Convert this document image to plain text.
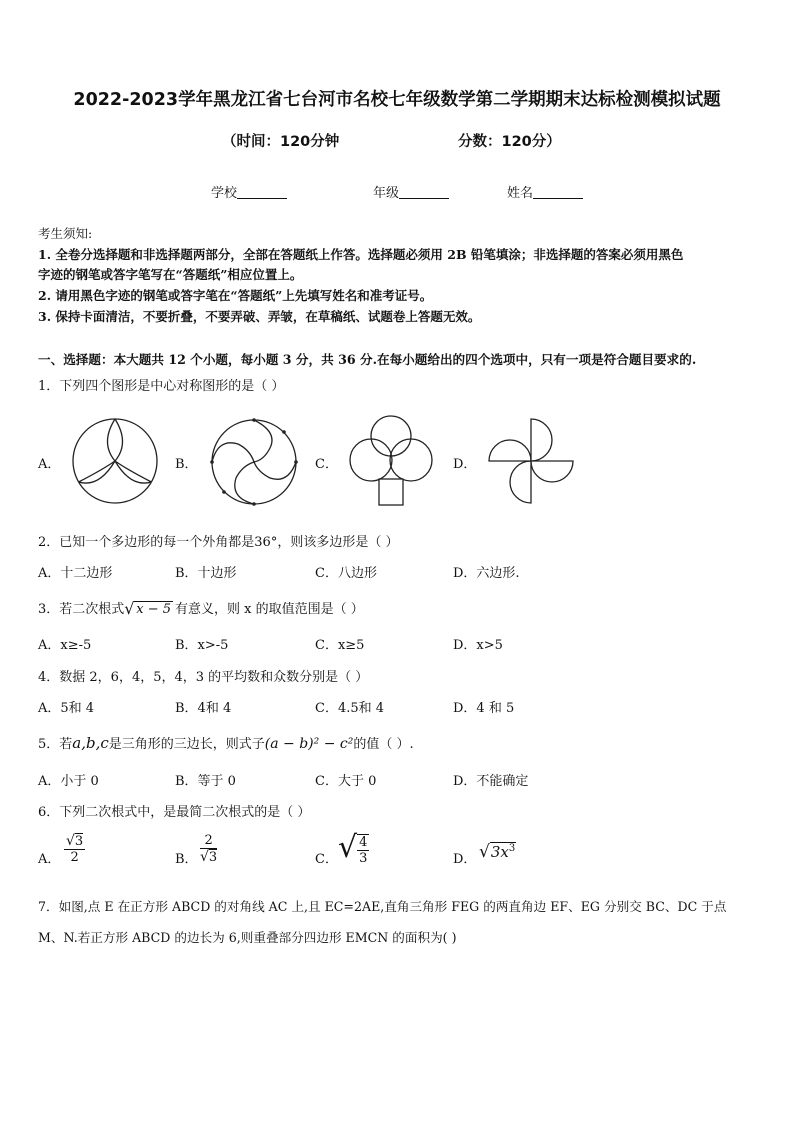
2022-2023学年黑龙江省七台河市名校七年级数学第二学期期末达标检测模拟试题
（时间：120分钟	分数：120分）
学校	年级	姓名
考生须知:
1. 全卷分选择题和非选择题两部分，全部在答题纸上作答。选择题必须用 2B 铅笔填涂；非选择题的答案必须用黑色
字迹的钢笔或答字笔写在“答题纸”相应位置上。
2. 请用黑色字迹的钢笔或答字笔在“答题纸”上先填写姓名和准考证号。
3. 保持卡面清洁，不要折叠，不要弄破、弄皱，在草稿纸、试题卷上答题无效。
一、选择题：本大题共 12 个小题，每小题 3 分，共 36 分.在每小题给出的四个选项中，只有一项是符合题目要求的.
1．下列四个图形是中心对称图形的是（ ）
A．	B．	C．	D．
2．已知一个多边形的每一个外角都是36°，则该多边形是（ ）
A．十二边形	B．十边形	C．八边形	D．六边形.
3．若二次根式 √ x − 5 有意义，则 x 的取值范围是（ ）
A．x≥-5	B．x>-5	C．x≥5	D．x>5
4．数据 2，6，4，5，4，3 的平均数和众数分别是（ ）
A．5和 4	B．4和 4	C．4.5和 4	D．4 和 5
5．若a,b,c是三角形的三边长，则式子(a − b)² − c²的值（ ）.
A．小于 0	B．等于 0	C．大于 0	D．不能确定
6．下列二次根式中，是最简二次根式的是（ ）
A． $\frac{√3}{2}$	B． $\frac{2}{√3}$	C． √ $\frac{4}{3}$	D． $√3x^3$
7．如图,点 E 在正方形 ABCD 的对角线 AC 上,且 EC=2AE,直角三角形 FEG 的两直角边 EF、EG 分别交 BC、DC 于点
M、N.若正方形 ABCD 的边长为 6,则重叠部分四边形 EMCN 的面积为( )
